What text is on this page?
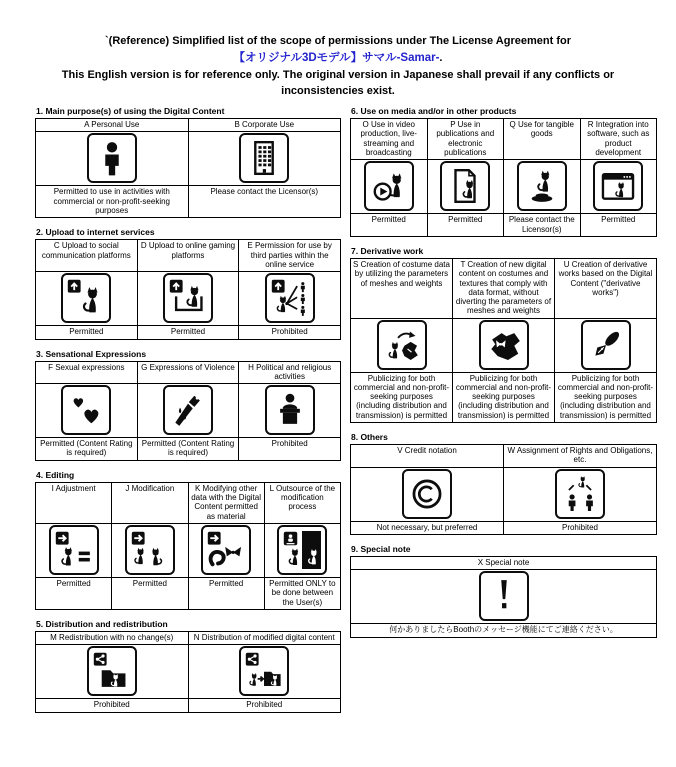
`(Reference) Simplified list of the scope of permissions under The License Agreement for
【オリジナル3Dモデル】サマル-Samar-.
This English version is for reference only. The original version in Japanese shall prevail if any conflicts or inconsistencies exist.
1. Main purpose(s) of using the Digital Content
A Personal Use	B Corporate Use

Permitted to use in activities with commercial or non-profit-seeking purposes	Please contact the Licensor(s)
2. Upload to internet services
C Upload to social communication platforms	D Upload to online gaming platforms	E Permission for use by third parties within the online service

Permitted	Permitted	Prohibited
3. Sensational Expressions
F Sexual expressions	G Expressions of Violence	H Political and religious activities

Permitted (Content Rating is required)	Permitted (Content Rating is required)	Prohibited
4. Editing
I Adjustment	J Modification	K Modifying other data with the Digital Content permitted as material	L Outsource of the modification process

Permitted	Permitted	Permitted	Permitted ONLY to be done between the User(s)
5. Distribution and redistribution
M Redistribution with no change(s)	N Distribution of modified digital content

Prohibited	Prohibited
6. Use on media and/or in other products
O Use in video production, live-streaming and broadcasting	P Use in publications and electronic publications	Q Use for tangible goods	R Integration into software, such as product development

Permitted	Permitted	Please contact the Licensor(s)	Permitted
7. Derivative work
S Creation of costume data by utilizing the parameters of meshes and weights	T Creation of new digital content on costumes and textures that comply with data format, without diverting the parameters of meshes and weights	U Creation of derivative works based on the Digital Content ("derivative works")

Publicizing for both commercial and non-profit-seeking purposes (including distribution and transmission) is permitted	Publicizing for both commercial and non-profit-seeking purposes (including distribution and transmission) is permitted	Publicizing for both commercial and non-profit-seeking purposes (including distribution and transmission) is permitted
8. Others
V Credit notation	W Assignment of Rights and Obligations, etc.

Not necessary, but preferred	Prohibited
9. Special note
X Special note

何かありましたらBoothのメッセージ機能にてご連絡ください。
